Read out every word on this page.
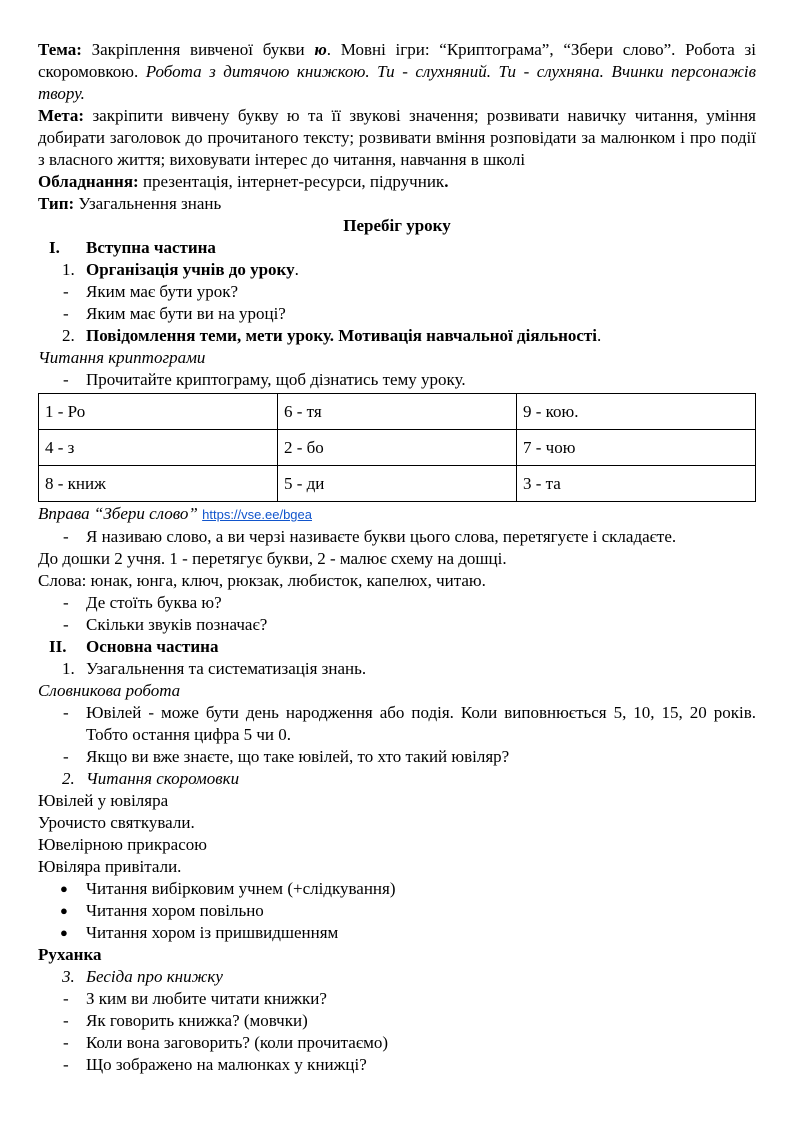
Тема: Закріплення вивченої букви ю. Мовні ігри: “Криптограма”, “Збери слово”. Робота зі скоромовкою. Робота з дитячою книжкою. Ти - слухняний. Ти - слухняна. Вчинки персонажів твору.

Мета: закріпити вивчену букву ю та її звукові значення; розвивати навичку читання, уміння добирати заголовок до прочитаного тексту; розвивати вміння розповідати за малюнком і про події з власного життя; виховувати інтерес до читання, навчання в школі

Обладнання: презентація, інтернет-ресурси, підручник.

Тип: Узагальнення знань

Перебіг уроку

I. Вступна частина
1. Організація учнів до уроку.
- Яким має бути урок?
- Яким має бути ви на уроці?
2. Повідомлення теми, мети уроку. Мотивація навчальної діяльності.

Читання криптограми

- Прочитайте криптограму, щоб дізнатись тему уроку.
1 - Ро	6 - тя	9 - кою.
4 - з	2 - бо	7 - чою
8 - книж	5 - ди	3 - та

Вправа “Збери слово” https://vse.ee/bgea

- Я називаю слово, а ви черзі називаєте букви цього слова, перетягуєте і складаєте.

До дошки 2 учня. 1 - перетягує букви, 2 - малює схему на дошці.

Слова: юнак, юнга, ключ, рюкзак, любисток, капелюх, читаю.

- Де стоїть буква ю?
- Скільки звуків позначає?
II. Основна частина
1. Узагальнення та систематизація знань.

Словникова робота

- Ювілей - може бути день народження або подія. Коли виповнюється 5, 10, 15, 20 років. Тобто остання цифра 5 чи 0.

- Якщо ви вже знаєте, що таке ювілей, то хто такий ювіляр?
2. Читання скоромовки

Ювілей у ювіляра

Урочисто святкували.

Ювелірною прикрасою

Ювіляра привітали.

● Читання вибірковим учнем (+слідкування)
● Читання хором повільно
● Читання хором із пришвидшенням

Руханка

3. Бесіда про книжку
- З ким ви любите читати книжки?
- Як говорить книжка? (мовчки)
- Коли вона заговорить? (коли прочитаємо)
- Що зображено на малюнках у книжці?
